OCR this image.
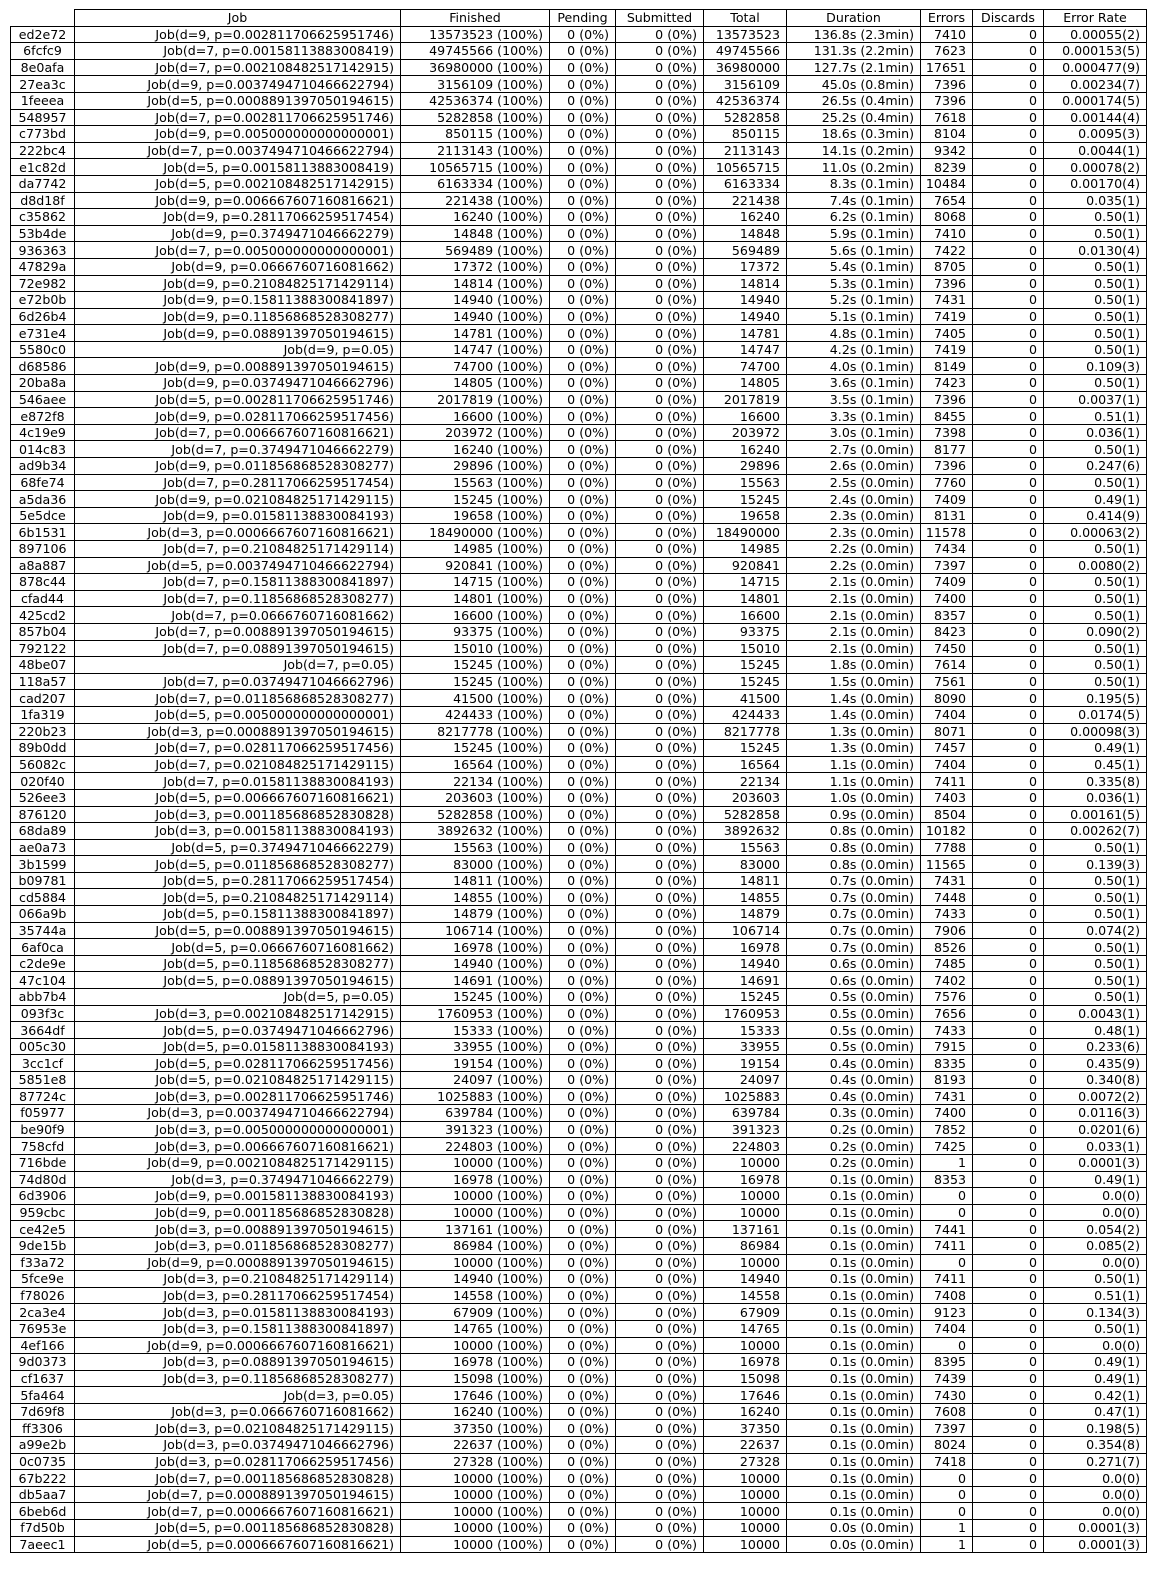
	Job	Finished	Pending	Submitted	Total	Duration	Errors	Discards	Error Rate
ed2e72	Job(d=9, p=0.002811706625951746)	13573523 (100%)	0 (0%)	0 (0%)	13573523	136.8s (2.3min)	7410	0	0.00055(2)
6fcfc9	Job(d=7, p=0.00158113883008419)	49745566 (100%)	0 (0%)	0 (0%)	49745566	131.3s (2.2min)	7623	0	0.000153(5)
8e0afa	Job(d=7, p=0.002108482517142915)	36980000 (100%)	0 (0%)	0 (0%)	36980000	127.7s (2.1min)	17651	0	0.000477(9)
27ea3c	Job(d=9, p=0.0037494710466622794)	3156109 (100%)	0 (0%)	0 (0%)	3156109	45.0s (0.8min)	7396	0	0.00234(7)
1feeea	Job(d=5, p=0.0008891397050194615)	42536374 (100%)	0 (0%)	0 (0%)	42536374	26.5s (0.4min)	7396	0	0.000174(5)
548957	Job(d=7, p=0.002811706625951746)	5282858 (100%)	0 (0%)	0 (0%)	5282858	25.2s (0.4min)	7618	0	0.00144(4)
c773bd	Job(d=9, p=0.005000000000000001)	850115 (100%)	0 (0%)	0 (0%)	850115	18.6s (0.3min)	8104	0	0.0095(3)
222bc4	Job(d=7, p=0.0037494710466622794)	2113143 (100%)	0 (0%)	0 (0%)	2113143	14.1s (0.2min)	9342	0	0.0044(1)
e1c82d	Job(d=5, p=0.00158113883008419)	10565715 (100%)	0 (0%)	0 (0%)	10565715	11.0s (0.2min)	8239	0	0.00078(2)
da7742	Job(d=5, p=0.002108482517142915)	6163334 (100%)	0 (0%)	0 (0%)	6163334	8.3s (0.1min)	10484	0	0.00170(4)
d8d18f	Job(d=9, p=0.006667607160816621)	221438 (100%)	0 (0%)	0 (0%)	221438	7.4s (0.1min)	7654	0	0.035(1)
c35862	Job(d=9, p=0.28117066259517454)	16240 (100%)	0 (0%)	0 (0%)	16240	6.2s (0.1min)	8068	0	0.50(1)
53b4de	Job(d=9, p=0.3749471046662279)	14848 (100%)	0 (0%)	0 (0%)	14848	5.9s (0.1min)	7410	0	0.50(1)
936363	Job(d=7, p=0.005000000000000001)	569489 (100%)	0 (0%)	0 (0%)	569489	5.6s (0.1min)	7422	0	0.0130(4)
47829a	Job(d=9, p=0.0666760716081662)	17372 (100%)	0 (0%)	0 (0%)	17372	5.4s (0.1min)	8705	0	0.50(1)
72e982	Job(d=9, p=0.21084825171429114)	14814 (100%)	0 (0%)	0 (0%)	14814	5.3s (0.1min)	7396	0	0.50(1)
e72b0b	Job(d=9, p=0.15811388300841897)	14940 (100%)	0 (0%)	0 (0%)	14940	5.2s (0.1min)	7431	0	0.50(1)
6d26b4	Job(d=9, p=0.11856868528308277)	14940 (100%)	0 (0%)	0 (0%)	14940	5.1s (0.1min)	7419	0	0.50(1)
e731e4	Job(d=9, p=0.08891397050194615)	14781 (100%)	0 (0%)	0 (0%)	14781	4.8s (0.1min)	7405	0	0.50(1)
5580c0	Job(d=9, p=0.05)	14747 (100%)	0 (0%)	0 (0%)	14747	4.2s (0.1min)	7419	0	0.50(1)
d68586	Job(d=9, p=0.008891397050194615)	74700 (100%)	0 (0%)	0 (0%)	74700	4.0s (0.1min)	8149	0	0.109(3)
20ba8a	Job(d=9, p=0.03749471046662796)	14805 (100%)	0 (0%)	0 (0%)	14805	3.6s (0.1min)	7423	0	0.50(1)
546aee	Job(d=5, p=0.002811706625951746)	2017819 (100%)	0 (0%)	0 (0%)	2017819	3.5s (0.1min)	7396	0	0.0037(1)
e872f8	Job(d=9, p=0.028117066259517456)	16600 (100%)	0 (0%)	0 (0%)	16600	3.3s (0.1min)	8455	0	0.51(1)
4c19e9	Job(d=7, p=0.006667607160816621)	203972 (100%)	0 (0%)	0 (0%)	203972	3.0s (0.1min)	7398	0	0.036(1)
014c83	Job(d=7, p=0.3749471046662279)	16240 (100%)	0 (0%)	0 (0%)	16240	2.7s (0.0min)	8177	0	0.50(1)
ad9b34	Job(d=9, p=0.011856868528308277)	29896 (100%)	0 (0%)	0 (0%)	29896	2.6s (0.0min)	7396	0	0.247(6)
68fe74	Job(d=7, p=0.28117066259517454)	15563 (100%)	0 (0%)	0 (0%)	15563	2.5s (0.0min)	7760	0	0.50(1)
a5da36	Job(d=9, p=0.021084825171429115)	15245 (100%)	0 (0%)	0 (0%)	15245	2.4s (0.0min)	7409	0	0.49(1)
5e5dce	Job(d=9, p=0.01581138830084193)	19658 (100%)	0 (0%)	0 (0%)	19658	2.3s (0.0min)	8131	0	0.414(9)
6b1531	Job(d=3, p=0.0006667607160816621)	18490000 (100%)	0 (0%)	0 (0%)	18490000	2.3s (0.0min)	11578	0	0.00063(2)
897106	Job(d=7, p=0.21084825171429114)	14985 (100%)	0 (0%)	0 (0%)	14985	2.2s (0.0min)	7434	0	0.50(1)
a8a887	Job(d=5, p=0.0037494710466622794)	920841 (100%)	0 (0%)	0 (0%)	920841	2.2s (0.0min)	7397	0	0.0080(2)
878c44	Job(d=7, p=0.15811388300841897)	14715 (100%)	0 (0%)	0 (0%)	14715	2.1s (0.0min)	7409	0	0.50(1)
cfad44	Job(d=7, p=0.11856868528308277)	14801 (100%)	0 (0%)	0 (0%)	14801	2.1s (0.0min)	7400	0	0.50(1)
425cd2	Job(d=7, p=0.0666760716081662)	16600 (100%)	0 (0%)	0 (0%)	16600	2.1s (0.0min)	8357	0	0.50(1)
857b04	Job(d=7, p=0.008891397050194615)	93375 (100%)	0 (0%)	0 (0%)	93375	2.1s (0.0min)	8423	0	0.090(2)
792122	Job(d=7, p=0.08891397050194615)	15010 (100%)	0 (0%)	0 (0%)	15010	2.1s (0.0min)	7450	0	0.50(1)
48be07	Job(d=7, p=0.05)	15245 (100%)	0 (0%)	0 (0%)	15245	1.8s (0.0min)	7614	0	0.50(1)
118a57	Job(d=7, p=0.03749471046662796)	15245 (100%)	0 (0%)	0 (0%)	15245	1.5s (0.0min)	7561	0	0.50(1)
cad207	Job(d=7, p=0.011856868528308277)	41500 (100%)	0 (0%)	0 (0%)	41500	1.4s (0.0min)	8090	0	0.195(5)
1fa319	Job(d=5, p=0.005000000000000001)	424433 (100%)	0 (0%)	0 (0%)	424433	1.4s (0.0min)	7404	0	0.0174(5)
220b23	Job(d=3, p=0.0008891397050194615)	8217778 (100%)	0 (0%)	0 (0%)	8217778	1.3s (0.0min)	8071	0	0.00098(3)
89b0dd	Job(d=7, p=0.028117066259517456)	15245 (100%)	0 (0%)	0 (0%)	15245	1.3s (0.0min)	7457	0	0.49(1)
56082c	Job(d=7, p=0.021084825171429115)	16564 (100%)	0 (0%)	0 (0%)	16564	1.1s (0.0min)	7404	0	0.45(1)
020f40	Job(d=7, p=0.01581138830084193)	22134 (100%)	0 (0%)	0 (0%)	22134	1.1s (0.0min)	7411	0	0.335(8)
526ee3	Job(d=5, p=0.006667607160816621)	203603 (100%)	0 (0%)	0 (0%)	203603	1.0s (0.0min)	7403	0	0.036(1)
876120	Job(d=3, p=0.001185686852830828)	5282858 (100%)	0 (0%)	0 (0%)	5282858	0.9s (0.0min)	8504	0	0.00161(5)
68da89	Job(d=3, p=0.001581138830084193)	3892632 (100%)	0 (0%)	0 (0%)	3892632	0.8s (0.0min)	10182	0	0.00262(7)
ae0a73	Job(d=5, p=0.3749471046662279)	15563 (100%)	0 (0%)	0 (0%)	15563	0.8s (0.0min)	7788	0	0.50(1)
3b1599	Job(d=5, p=0.011856868528308277)	83000 (100%)	0 (0%)	0 (0%)	83000	0.8s (0.0min)	11565	0	0.139(3)
b09781	Job(d=5, p=0.28117066259517454)	14811 (100%)	0 (0%)	0 (0%)	14811	0.7s (0.0min)	7431	0	0.50(1)
cd5884	Job(d=5, p=0.21084825171429114)	14855 (100%)	0 (0%)	0 (0%)	14855	0.7s (0.0min)	7448	0	0.50(1)
066a9b	Job(d=5, p=0.15811388300841897)	14879 (100%)	0 (0%)	0 (0%)	14879	0.7s (0.0min)	7433	0	0.50(1)
35744a	Job(d=5, p=0.008891397050194615)	106714 (100%)	0 (0%)	0 (0%)	106714	0.7s (0.0min)	7906	0	0.074(2)
6af0ca	Job(d=5, p=0.0666760716081662)	16978 (100%)	0 (0%)	0 (0%)	16978	0.7s (0.0min)	8526	0	0.50(1)
c2de9e	Job(d=5, p=0.11856868528308277)	14940 (100%)	0 (0%)	0 (0%)	14940	0.6s (0.0min)	7485	0	0.50(1)
47c104	Job(d=5, p=0.08891397050194615)	14691 (100%)	0 (0%)	0 (0%)	14691	0.6s (0.0min)	7402	0	0.50(1)
abb7b4	Job(d=5, p=0.05)	15245 (100%)	0 (0%)	0 (0%)	15245	0.5s (0.0min)	7576	0	0.50(1)
093f3c	Job(d=3, p=0.002108482517142915)	1760953 (100%)	0 (0%)	0 (0%)	1760953	0.5s (0.0min)	7656	0	0.0043(1)
3664df	Job(d=5, p=0.03749471046662796)	15333 (100%)	0 (0%)	0 (0%)	15333	0.5s (0.0min)	7433	0	0.48(1)
005c30	Job(d=5, p=0.01581138830084193)	33955 (100%)	0 (0%)	0 (0%)	33955	0.5s (0.0min)	7915	0	0.233(6)
3cc1cf	Job(d=5, p=0.028117066259517456)	19154 (100%)	0 (0%)	0 (0%)	19154	0.4s (0.0min)	8335	0	0.435(9)
5851e8	Job(d=5, p=0.021084825171429115)	24097 (100%)	0 (0%)	0 (0%)	24097	0.4s (0.0min)	8193	0	0.340(8)
87724c	Job(d=3, p=0.002811706625951746)	1025883 (100%)	0 (0%)	0 (0%)	1025883	0.4s (0.0min)	7431	0	0.0072(2)
f05977	Job(d=3, p=0.0037494710466622794)	639784 (100%)	0 (0%)	0 (0%)	639784	0.3s (0.0min)	7400	0	0.0116(3)
be90f9	Job(d=3, p=0.005000000000000001)	391323 (100%)	0 (0%)	0 (0%)	391323	0.2s (0.0min)	7852	0	0.0201(6)
758cfd	Job(d=3, p=0.006667607160816621)	224803 (100%)	0 (0%)	0 (0%)	224803	0.2s (0.0min)	7425	0	0.033(1)
716bde	Job(d=9, p=0.0021084825171429115)	10000 (100%)	0 (0%)	0 (0%)	10000	0.2s (0.0min)	1	0	0.0001(3)
74d80d	Job(d=3, p=0.3749471046662279)	16978 (100%)	0 (0%)	0 (0%)	16978	0.1s (0.0min)	8353	0	0.49(1)
6d3906	Job(d=9, p=0.001581138830084193)	10000 (100%)	0 (0%)	0 (0%)	10000	0.1s (0.0min)	0	0	0.0(0)
959cbc	Job(d=9, p=0.001185686852830828)	10000 (100%)	0 (0%)	0 (0%)	10000	0.1s (0.0min)	0	0	0.0(0)
ce42e5	Job(d=3, p=0.008891397050194615)	137161 (100%)	0 (0%)	0 (0%)	137161	0.1s (0.0min)	7441	0	0.054(2)
9de15b	Job(d=3, p=0.011856868528308277)	86984 (100%)	0 (0%)	0 (0%)	86984	0.1s (0.0min)	7411	0	0.085(2)
f33a72	Job(d=9, p=0.0008891397050194615)	10000 (100%)	0 (0%)	0 (0%)	10000	0.1s (0.0min)	0	0	0.0(0)
5fce9e	Job(d=3, p=0.21084825171429114)	14940 (100%)	0 (0%)	0 (0%)	14940	0.1s (0.0min)	7411	0	0.50(1)
f78026	Job(d=3, p=0.28117066259517454)	14558 (100%)	0 (0%)	0 (0%)	14558	0.1s (0.0min)	7408	0	0.51(1)
2ca3e4	Job(d=3, p=0.01581138830084193)	67909 (100%)	0 (0%)	0 (0%)	67909	0.1s (0.0min)	9123	0	0.134(3)
76953e	Job(d=3, p=0.15811388300841897)	14765 (100%)	0 (0%)	0 (0%)	14765	0.1s (0.0min)	7404	0	0.50(1)
4ef166	Job(d=9, p=0.0006667607160816621)	10000 (100%)	0 (0%)	0 (0%)	10000	0.1s (0.0min)	0	0	0.0(0)
9d0373	Job(d=3, p=0.08891397050194615)	16978 (100%)	0 (0%)	0 (0%)	16978	0.1s (0.0min)	8395	0	0.49(1)
cf1637	Job(d=3, p=0.11856868528308277)	15098 (100%)	0 (0%)	0 (0%)	15098	0.1s (0.0min)	7439	0	0.49(1)
5fa464	Job(d=3, p=0.05)	17646 (100%)	0 (0%)	0 (0%)	17646	0.1s (0.0min)	7430	0	0.42(1)
7d69f8	Job(d=3, p=0.0666760716081662)	16240 (100%)	0 (0%)	0 (0%)	16240	0.1s (0.0min)	7608	0	0.47(1)
ff3306	Job(d=3, p=0.021084825171429115)	37350 (100%)	0 (0%)	0 (0%)	37350	0.1s (0.0min)	7397	0	0.198(5)
a99e2b	Job(d=3, p=0.03749471046662796)	22637 (100%)	0 (0%)	0 (0%)	22637	0.1s (0.0min)	8024	0	0.354(8)
0c0735	Job(d=3, p=0.028117066259517456)	27328 (100%)	0 (0%)	0 (0%)	27328	0.1s (0.0min)	7418	0	0.271(7)
67b222	Job(d=7, p=0.001185686852830828)	10000 (100%)	0 (0%)	0 (0%)	10000	0.1s (0.0min)	0	0	0.0(0)
db5aa7	Job(d=7, p=0.0008891397050194615)	10000 (100%)	0 (0%)	0 (0%)	10000	0.1s (0.0min)	0	0	0.0(0)
6beb6d	Job(d=7, p=0.0006667607160816621)	10000 (100%)	0 (0%)	0 (0%)	10000	0.1s (0.0min)	0	0	0.0(0)
f7d50b	Job(d=5, p=0.001185686852830828)	10000 (100%)	0 (0%)	0 (0%)	10000	0.0s (0.0min)	1	0	0.0001(3)
7aeec1	Job(d=5, p=0.0006667607160816621)	10000 (100%)	0 (0%)	0 (0%)	10000	0.0s (0.0min)	1	0	0.0001(3)
